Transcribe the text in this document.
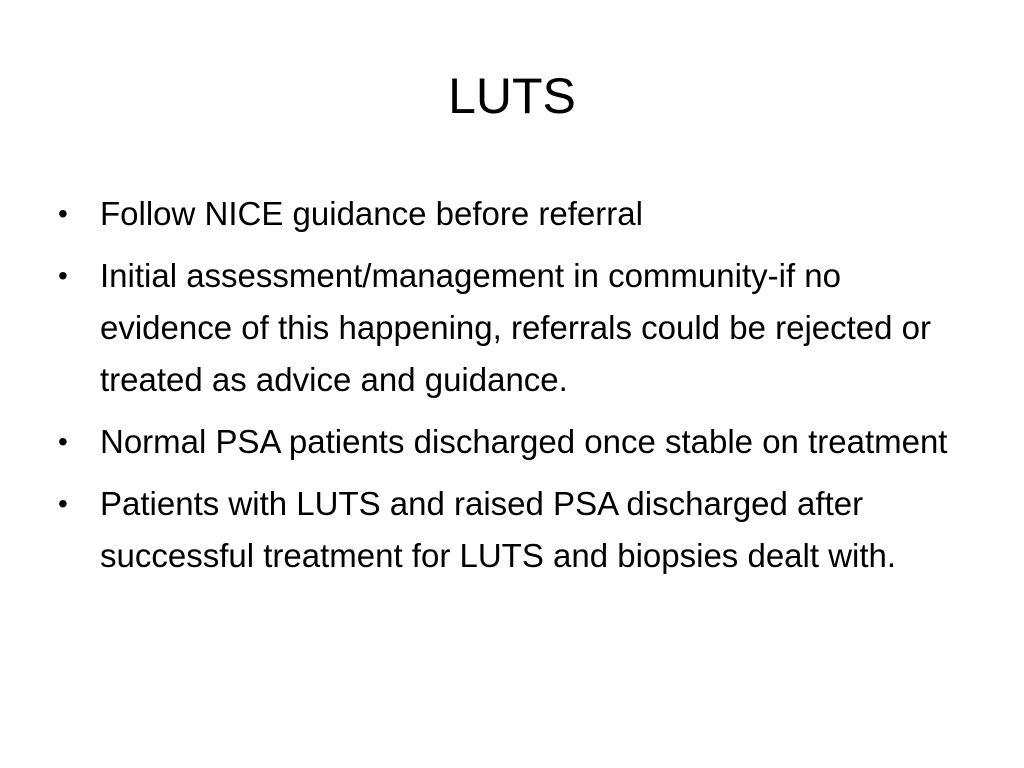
LUTS
• Follow NICE guidance before referral
• Initial assessment/management in community-if no evidence of this happening, referrals could be rejected or treated as advice and guidance.
• Normal PSA patients discharged once stable on treatment
• Patients with LUTS and raised PSA discharged after successful treatment for LUTS and biopsies dealt with.
